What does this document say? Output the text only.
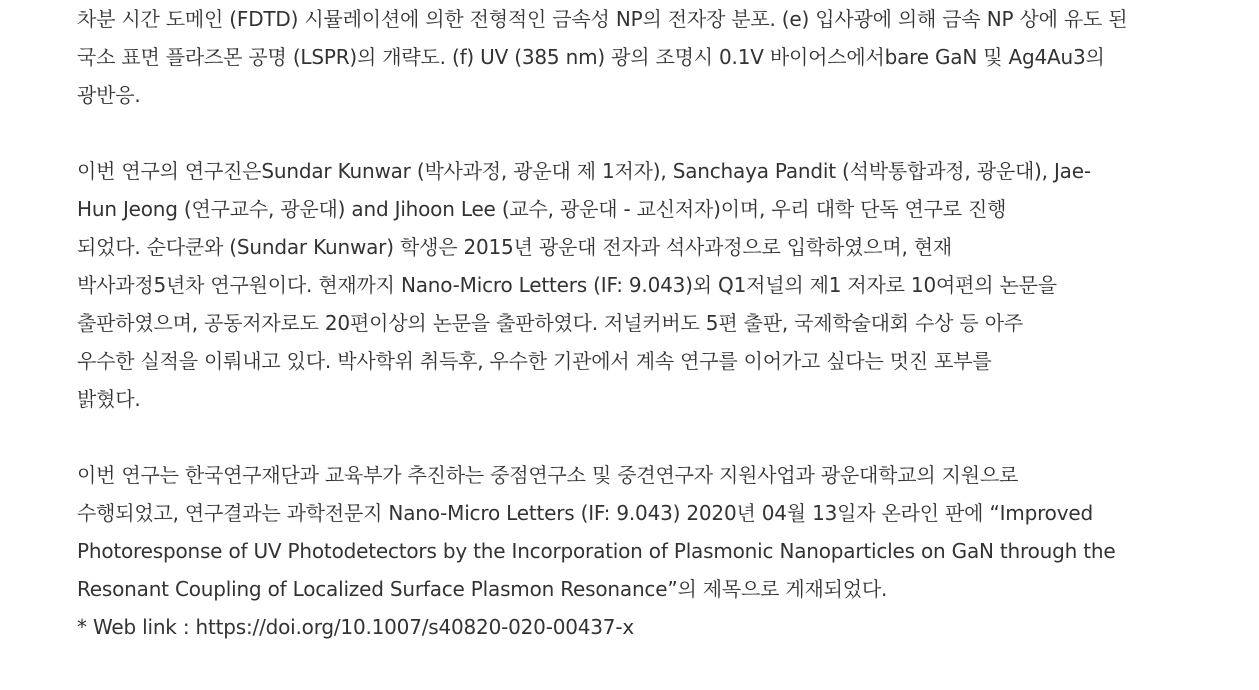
차분 시간 도메인 (FDTD) 시뮬레이션에 의한 전형적인 금속성 NP의 전자장 분포. (e) 입사광에 의해 금속 NP 상에 유도 된
국소 표면 플라즈몬 공명 (LSPR)의 개략도. (f) UV (385 nm) 광의 조명시 0.1V 바이어스에서bare GaN 및 Ag4Au3의
광반응.
이번 연구의 연구진은Sundar Kunwar (박사과정, 광운대 제 1저자), Sanchaya Pandit (석박통합과정, 광운대), Jae-
Hun Jeong (연구교수, 광운대) and Jihoon Lee (교수, 광운대 - 교신저자)이며, 우리 대학 단독 연구로 진행
되었다. 순다쿤와 (Sundar Kunwar) 학생은 2015년 광운대 전자과 석사과정으로 입학하였으며, 현재
박사과정5년차 연구원이다. 현재까지 Nano-Micro Letters (IF: 9.043)외 Q1저널의 제1 저자로 10여편의 논문을
출판하였으며, 공동저자로도 20편이상의 논문을 출판하였다. 저널커버도 5편 출판, 국제학술대회 수상 등 아주
우수한 실적을 이뤄내고 있다. 박사학위 취득후, 우수한 기관에서 계속 연구를 이어가고 싶다는 멋진 포부를
밝혔다.
이번 연구는 한국연구재단과 교육부가 추진하는 중점연구소 및 중견연구자 지원사업과 광운대학교의 지원으로
수행되었고, 연구결과는 과학전문지 Nano-Micro Letters (IF: 9.043) 2020년 04월 13일자 온라인 판에 “Improved
Photoresponse of UV Photodetectors by the Incorporation of Plasmonic Nanoparticles on GaN through the
Resonant Coupling of Localized Surface Plasmon Resonance”의 제목으로 게재되었다.
* Web link : https://doi.org/10.1007/s40820-020-00437-x
